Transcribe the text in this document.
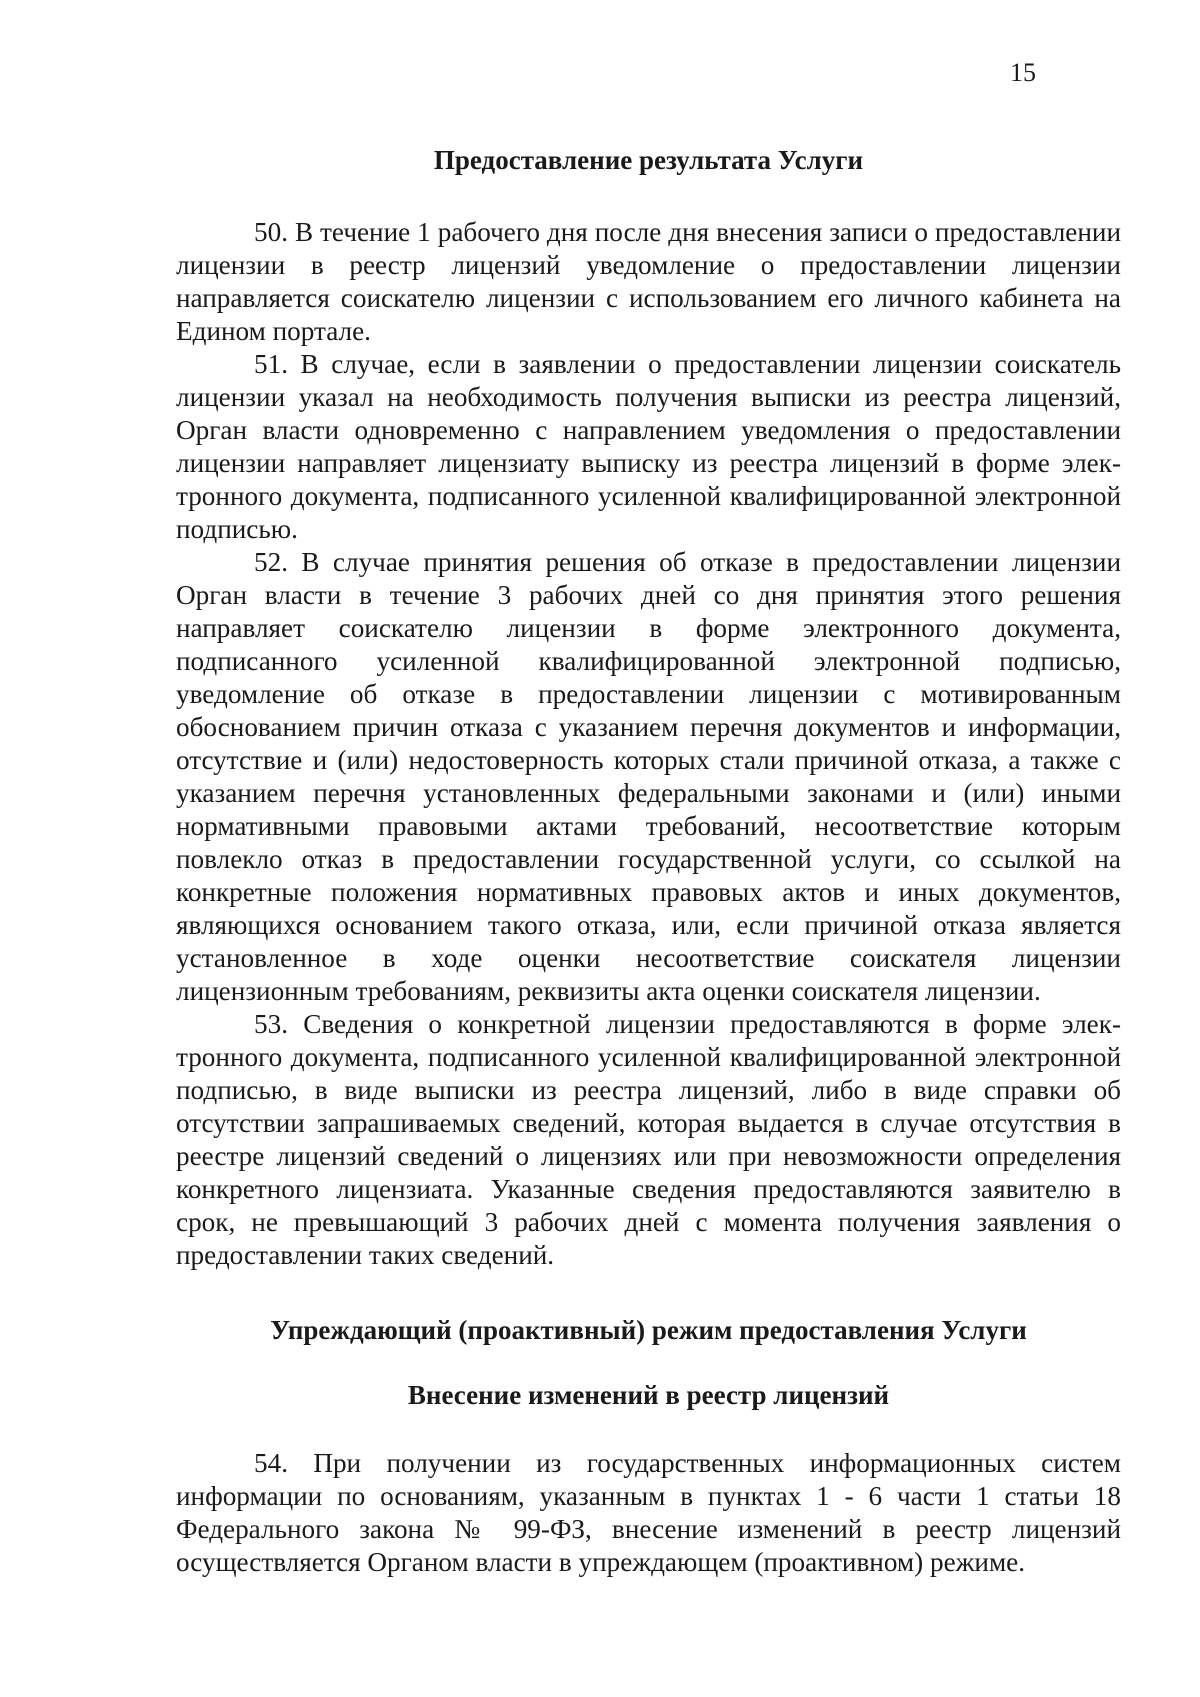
15

Предоставление результата Услуги

50. В течение 1 рабочего дня после дня внесения записи о предоставлении лицензии в реестр лицензий уведомление о предоставлении лицензии направляется соискателю лицензии с использованием его личного кабинета на Едином портале.

51. В случае, если в заявлении о предоставлении лицензии соискатель лицензии указал на необходимость получения выписки из реестра лицензий, Орган власти одновременно с направлением уведомления о предоставлении лицензии направляет лицензиату выписку из реестра лицензий в форме электронного документа, подписанного усиленной квалифицированной электронной подписью.

52. В случае принятия решения об отказе в предоставлении лицензии Орган власти в течение 3 рабочих дней со дня принятия этого решения направляет соискателю лицензии в форме электронного документа, подписанного усиленной квалифицированной электронной подписью, уведомление об отказе в предоставлении лицензии с мотивированным обоснованием причин отказа с указанием перечня документов и информации, отсутствие и (или) недостоверность которых стали причиной отказа, а также с указанием перечня установленных федеральными законами и (или) иными нормативными правовыми актами требований, несоответствие которым повлекло отказ в предоставлении государственной услуги, со ссылкой на конкретные положения нормативных правовых актов и иных документов, являющихся основанием такого отказа, или, если причиной отказа является установленное в ходе оценки несоответствие соискателя лицензии лицензионным требованиям, реквизиты акта оценки соискателя лицензии.

53. Сведения о конкретной лицензии предоставляются в форме электронного документа, подписанного усиленной квалифицированной электронной подписью, в виде выписки из реестра лицензий, либо в виде справки об отсутствии запрашиваемых сведений, которая выдается в случае отсутствия в реестре лицензий сведений о лицензиях или при невозможности определения конкретного лицензиата. Указанные сведения предоставляются заявителю в срок, не превышающий 3 рабочих дней с момента получения заявления о предоставлении таких сведений.

Упреждающий (проактивный) режим предоставления Услуги

Внесение изменений в реестр лицензий

54. При получении из государственных информационных систем информации по основаниям, указанным в пунктах 1 - 6 части 1 статьи 18 Федерального закона № 99-ФЗ, внесение изменений в реестр лицензий осуществляется Органом власти в упреждающем (проактивном) режиме.
